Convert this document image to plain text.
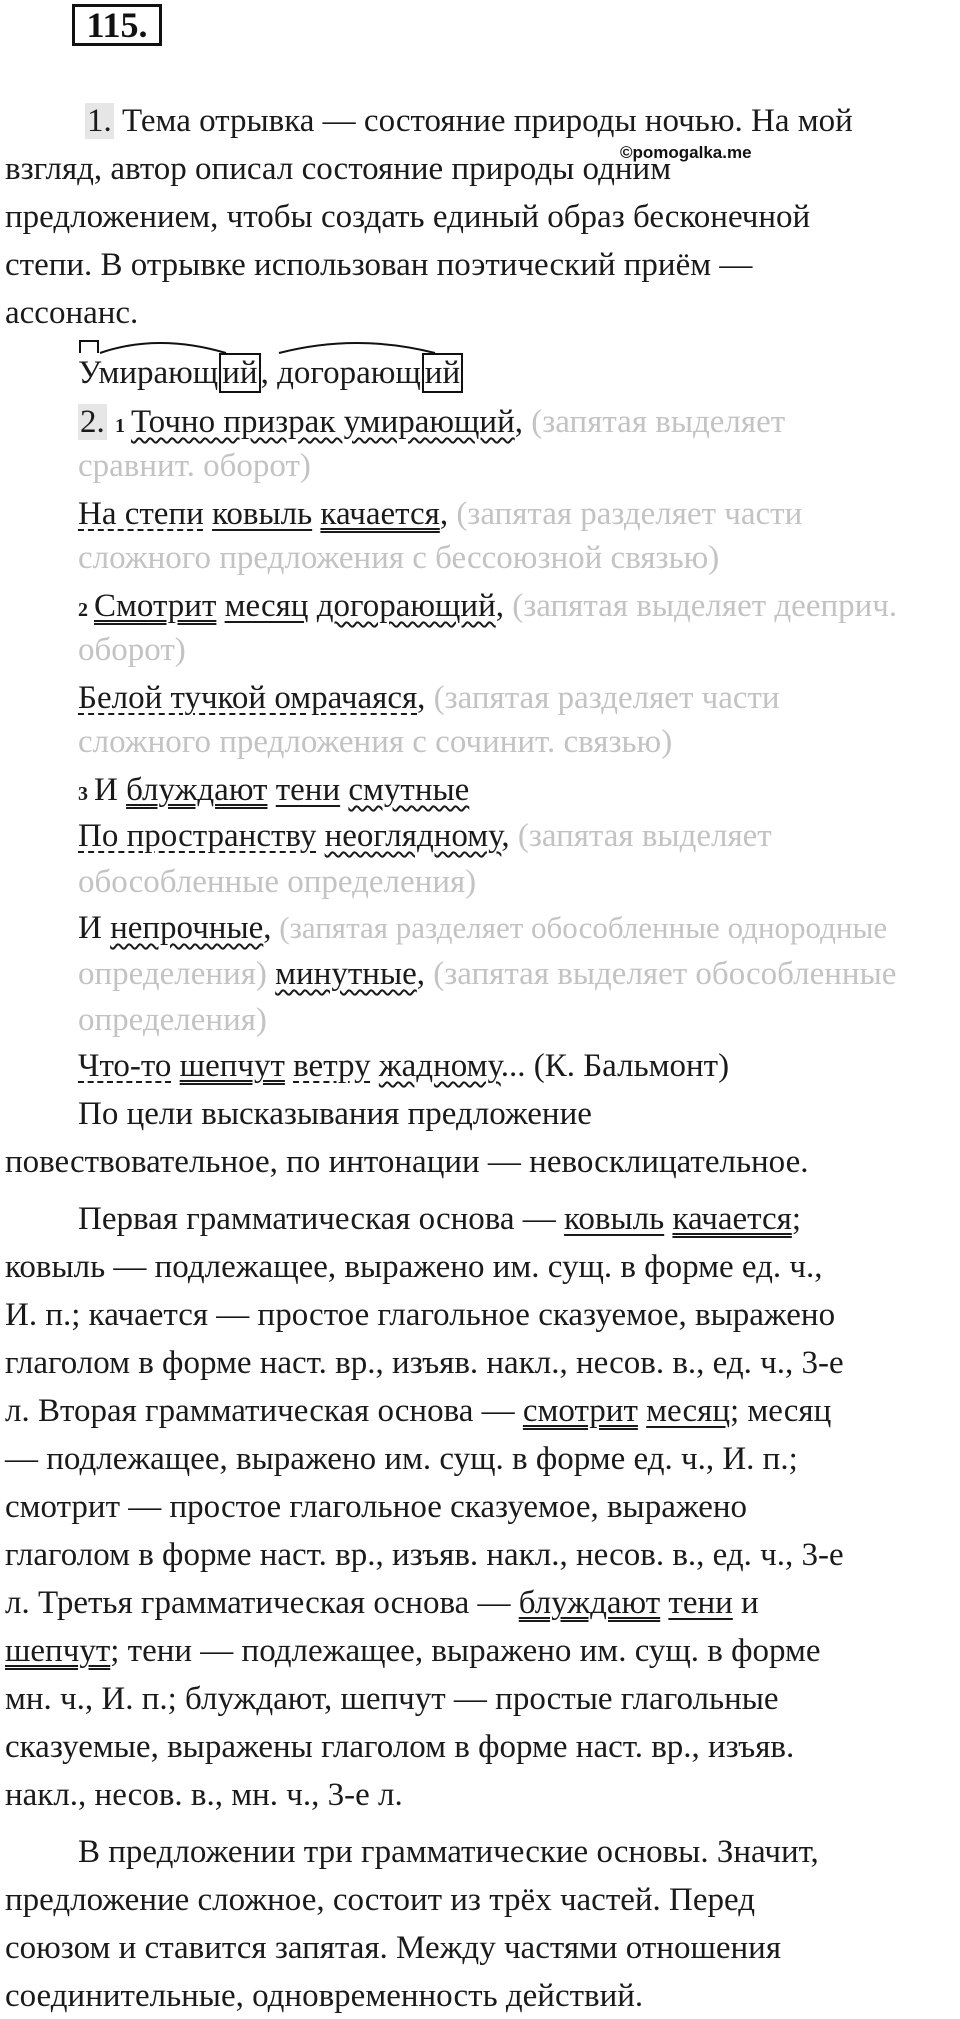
115.
©pomogalka.me
1. Тема отрывка — состояние природы ночью. На мой
взгляд, автор описал состояние природы одним
предложением, чтобы создать единый образ бесконечной
степи. В отрывке использован поэтический приём —
ассонанс.
Умирающ ий,
догорающ ий
2. 1 Точно призрак умирающий, (запятая выделяет
сравнит. оборот)
На степи ковыль качается, (запятая разделяет части
сложного предложения с бессоюзной связью)
2 Смотрит месяц догорающий, (запятая выделяет дееприч.
оборот)
Белой тучкой омрачаяся, (запятая разделяет части
сложного предложения с сочинит. связью)
3 И блуждают тени смутные
По пространству неоглядному, (запятая выделяет
обособленные определения)
И непрочные, (запятая разделяет обособленные однородные
определения) минутные, (запятая выделяет обособленные
определения)
Что-то шепчут ветру жадному... (К. Бальмонт)
По цели высказывания предложение
повествовательное, по интонации — невосклицательное.
Первая грамматическая основа — ковыль качается;
ковыль — подлежащее, выражено им. сущ. в форме ед. ч.,
И. п.; качается — простое глагольное сказуемое, выражено
глаголом в форме наст. вр., изъяв. накл., несов. в., ед. ч., 3-е
л. Вторая грамматическая основа — смотрит месяц; месяц
— подлежащее, выражено им. сущ. в форме ед. ч., И. п.;
смотрит — простое глагольное сказуемое, выражено
глаголом в форме наст. вр., изъяв. накл., несов. в., ед. ч., 3-е
л. Третья грамматическая основа — блуждают тени и
шепчут; тени — подлежащее, выражено им. сущ. в форме
мн. ч., И. п.; блуждают, шепчут — простые глагольные
сказуемые, выражены глаголом в форме наст. вр., изъяв.
накл., несов. в., мн. ч., 3-е л.
В предложении три грамматические основы. Значит,
предложение сложное, состоит из трёх частей. Перед
союзом и ставится запятая. Между частями отношения
соединительные, одновременность действий.
